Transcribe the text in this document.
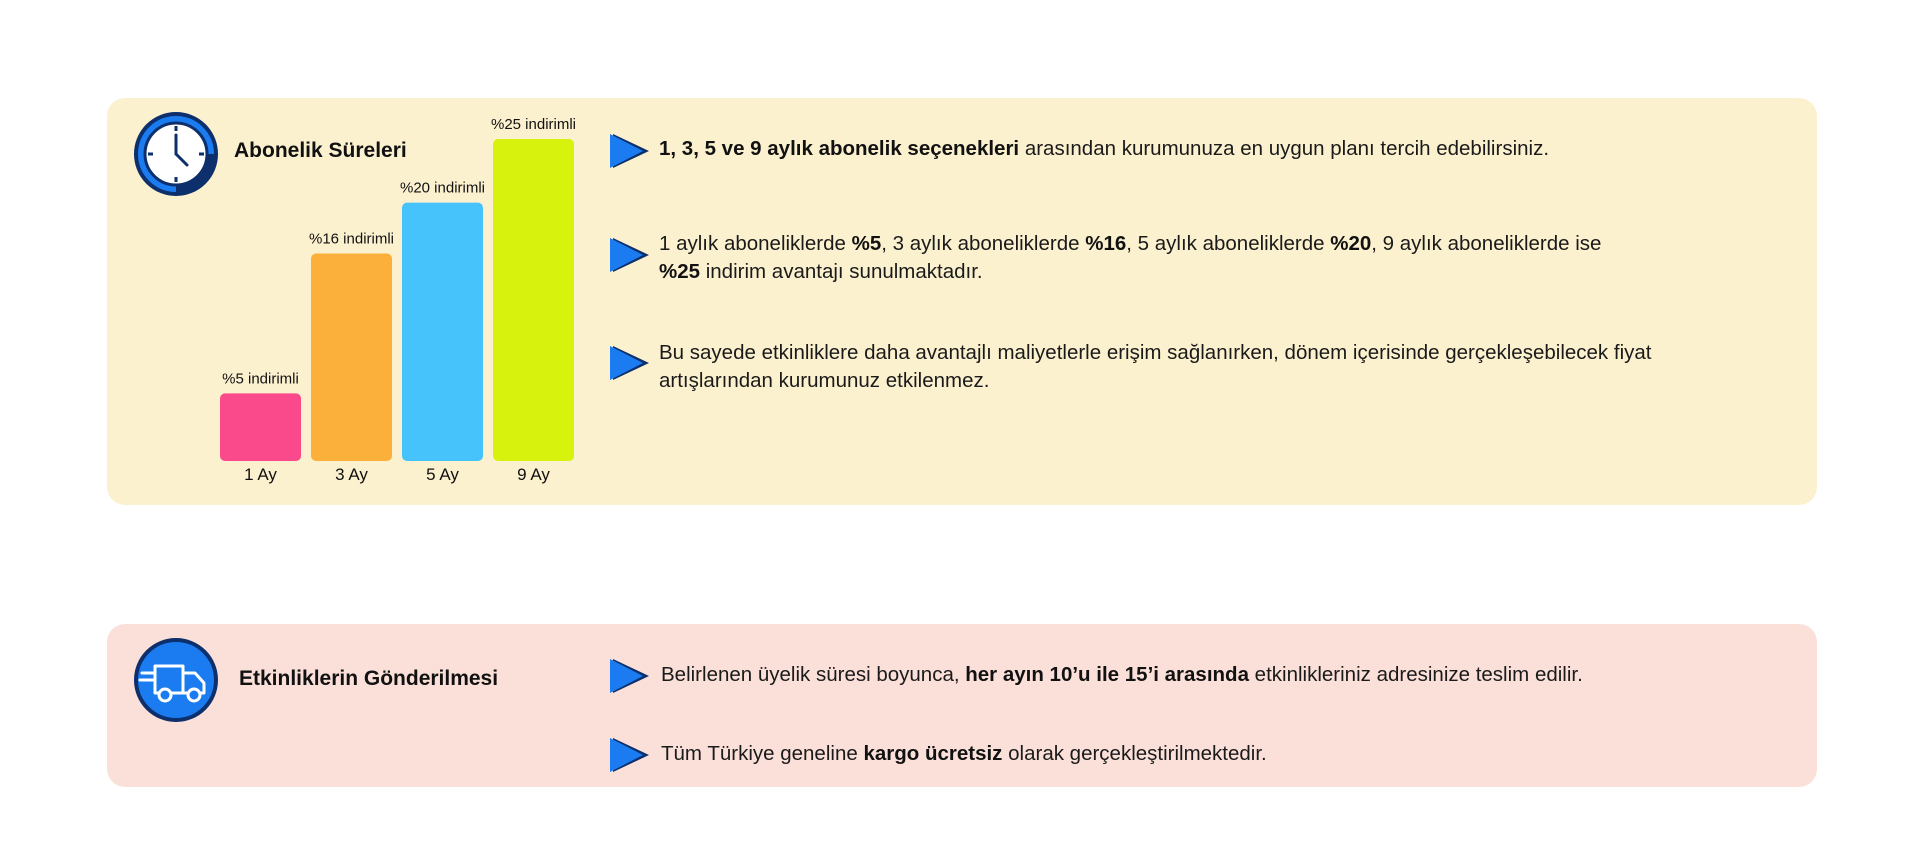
Abonelik Süreleri
%5 indirimli
1 Ay
%16 indirimli
3 Ay
%20 indirimli
5 Ay
%25 indirimli
9 Ay
1, 3, 5 ve 9 aylık abonelik seçenekleri arasından kurumunuza en uygun planı tercih edebilirsiniz.
1 aylık aboneliklerde %5, 3 aylık aboneliklerde %16, 5 aylık aboneliklerde %20, 9 aylık aboneliklerde ise
%25 indirim avantajı sunulmaktadır.
Bu sayede etkinliklere daha avantajlı maliyetlerle erişim sağlanırken, dönem içerisinde gerçekleşebilecek fiyat artışlarından kurumunuz etkilenmez.
Etkinliklerin Gönderilmesi	Belirlenen üyelik süresi boyunca, her ayın 10’u ile 15’i arasında etkinlikleriniz adresinize teslim edilir.
Tüm Türkiye geneline kargo ücretsiz olarak gerçekleştirilmektedir.
